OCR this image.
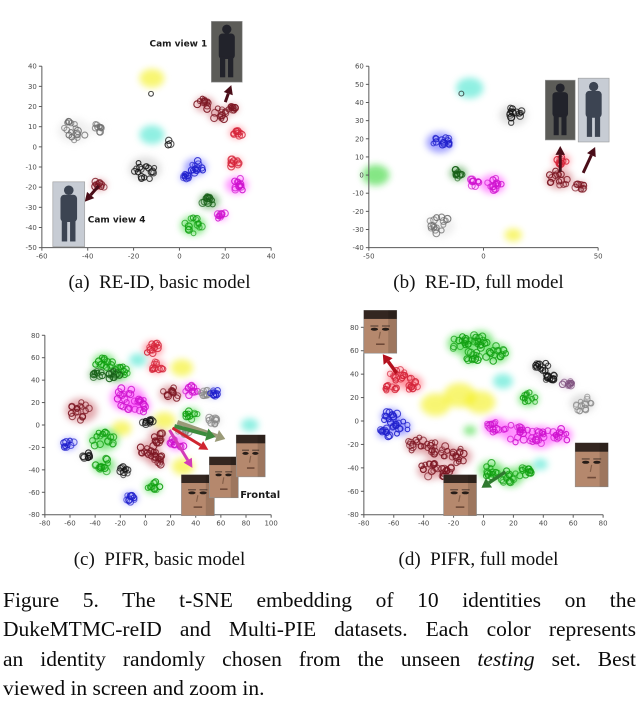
40
30
20
10
0
-10
-20
-30
-40
-50
-60	-40	-20	0	20	40
Cam view 1
Cam view 4
(a)  RE-ID, basic model
60
50
40
30
20
10
0
-10
-20
-30
-40
-50	0	50
(b)  RE-ID, full model
80
60
40
20
0
-20
-40
-60
-80
-80 -60 -40 -20 0	20 40 60 80 100
Frontal
(c)  PIFR, basic model
80
60
40
20
0
-20
-40
-60
-80
-80	-60	-40	-20	0	20	40	60	80
(d)  PIFR, full model
Figure 5. The t-SNE embedding of 10 identities on the
DukeMTMC-reID and Multi-PIE datasets. Each color represents
an identity randomly chosen from the unseen testing set. Best
viewed in screen and zoom in.
